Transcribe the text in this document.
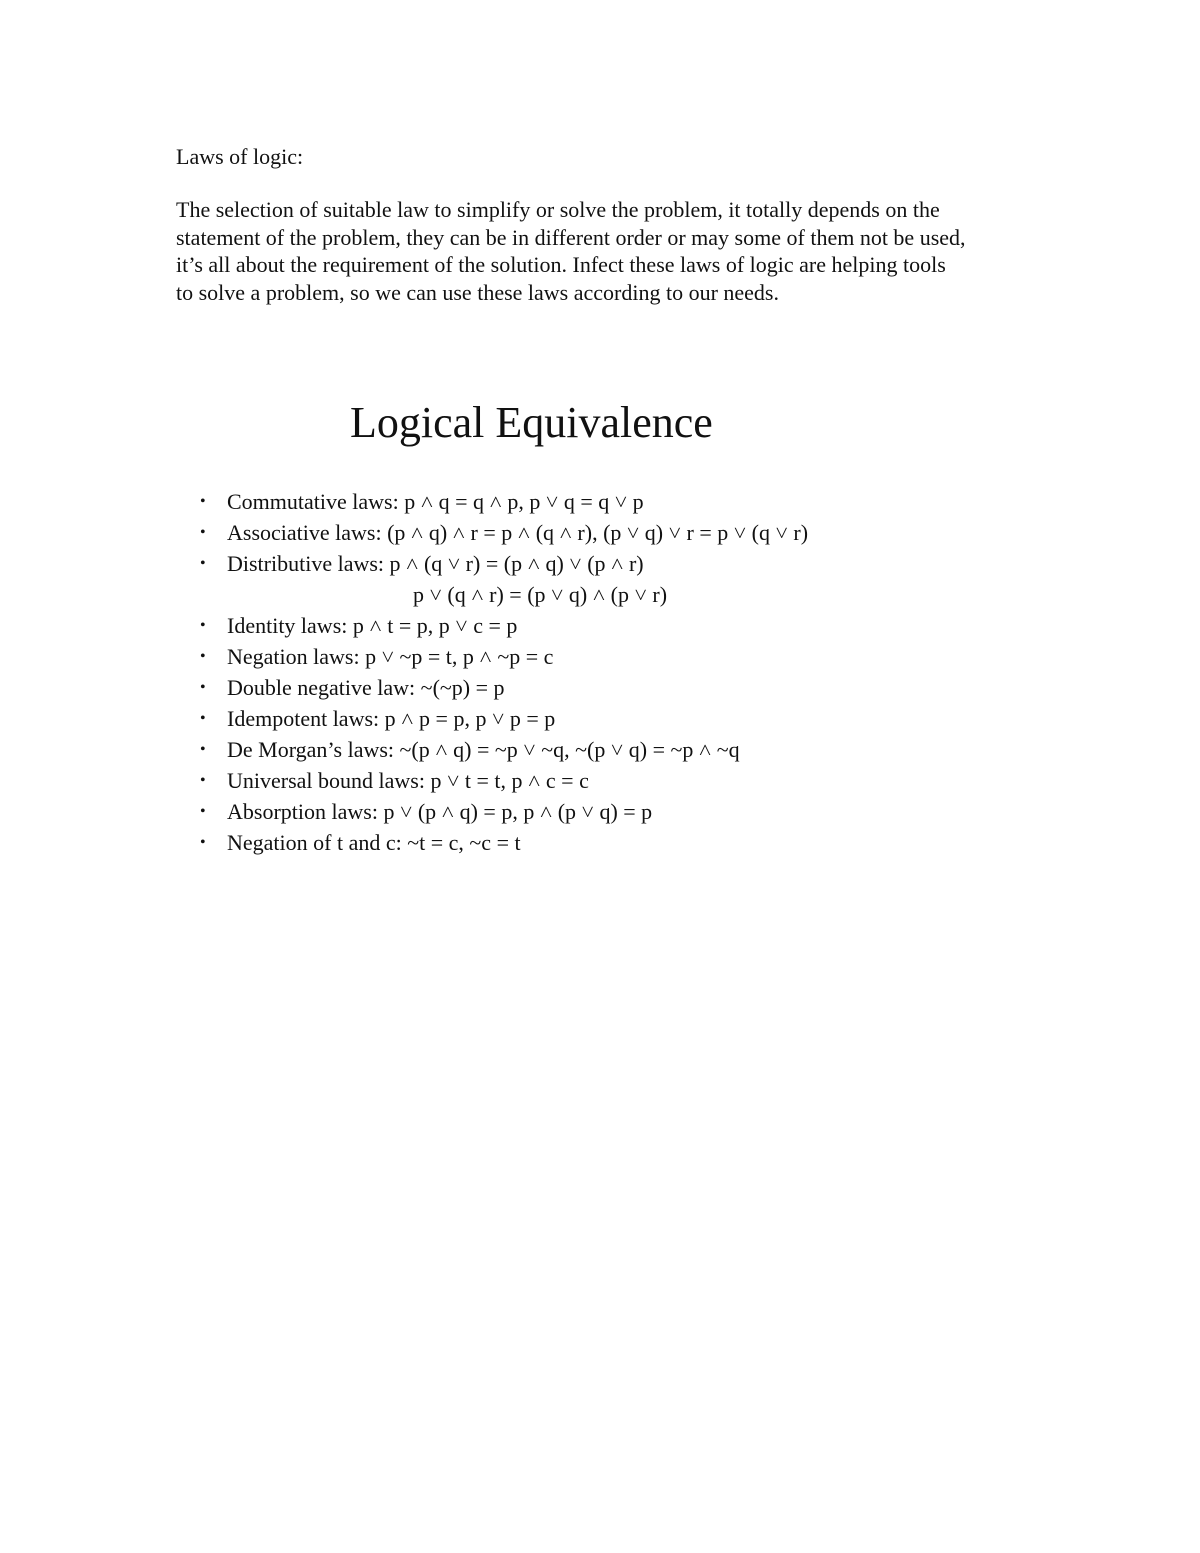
Laws of logic:

The selection of suitable law to simplify or solve the problem, it totally depends on the
statement of the problem, they can be in different order or may some of them not be used,
it’s all about the requirement of the solution. Infect these laws of logic are helping tools
to solve a problem, so we can use these laws according to our needs.

Logical Equivalence
• Commutative laws: p ˄ q = q ˄ p, p ˅ q = q ˅ p
• Associative laws: (p ˄ q) ˄ r = p ˄ (q ˄ r), (p ˅ q) ˅ r = p ˅ (q ˅ r)
• Distributive laws: p ˄ (q ˅ r) = (p ˄ q) ˅ (p ˄ r)
p ˅ (q ˄ r) = (p ˅ q) ˄ (p ˅ r)
• Identity laws: p ˄ t = p, p ˅ c = p
• Negation laws: p ˅ ~p = t, p ˄ ~p = c
• Double negative law: ~(~p) = p
• Idempotent laws: p ˄ p = p, p ˅ p = p
• De Morgan’s laws: ~(p ˄ q) = ~p ˅ ~q, ~(p ˅ q) = ~p ˄ ~q
• Universal bound laws: p ˅ t = t, p ˄ c = c
• Absorption laws: p ˅ (p ˄ q) = p, p ˄ (p ˅ q) = p
• Negation of t and c: ~t = c, ~c = t
